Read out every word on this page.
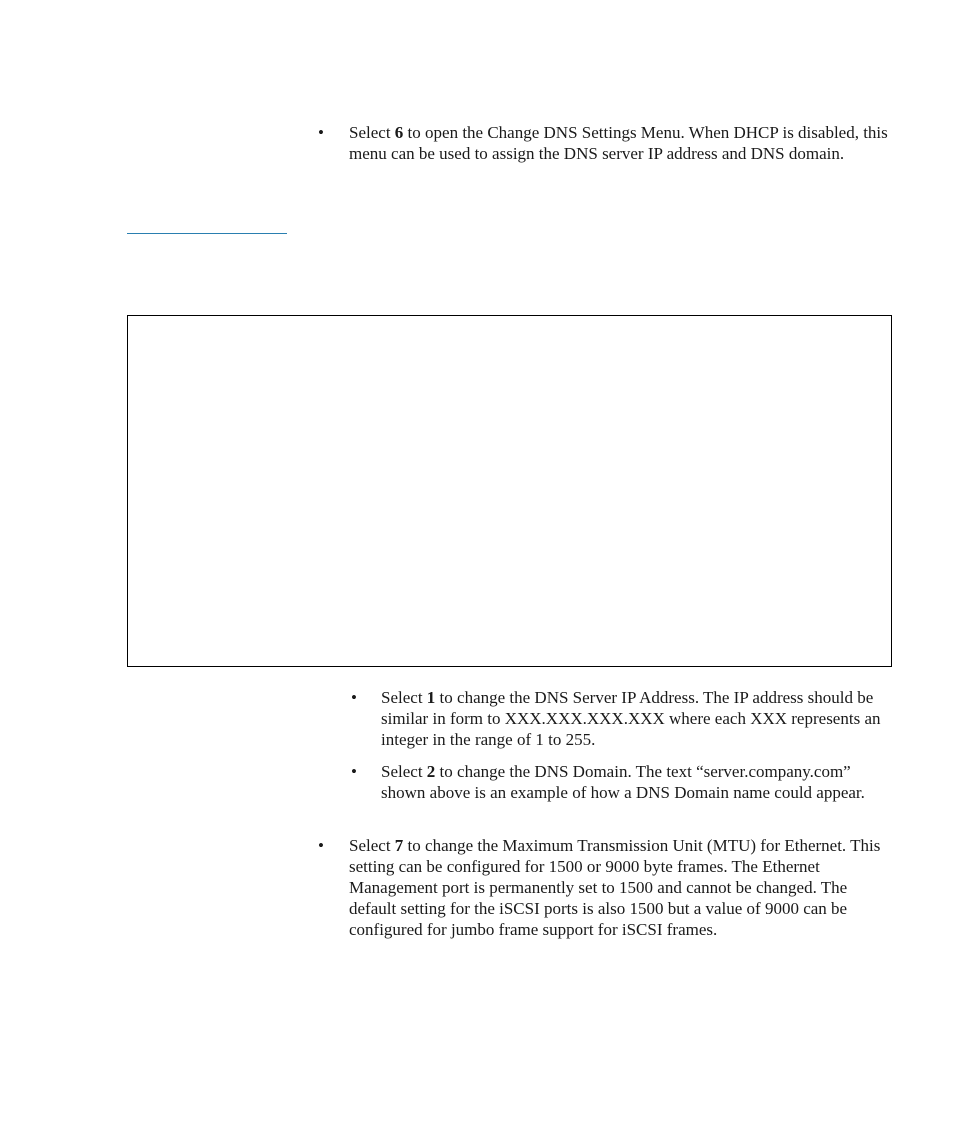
• Select 6 to open the Change DNS Settings Menu. When DHCP is disabled, this menu can be used to assign the DNS server IP address and DNS domain.

• Select 1 to change the DNS Server IP Address. The IP address should be similar in form to XXX.XXX.XXX.XXX where each XXX represents an integer in the range of 1 to 255.

• Select 2 to change the DNS Domain. The text “server.company.com” shown above is an example of how a DNS Domain name could appear.

• Select 7 to change the Maximum Transmission Unit (MTU) for Ethernet. This setting can be configured for 1500 or 9000 byte frames. The Ethernet Management port is permanently set to 1500 and cannot be changed. The default setting for the iSCSI ports is also 1500 but a value of 9000 can be configured for jumbo frame support for iSCSI frames.
